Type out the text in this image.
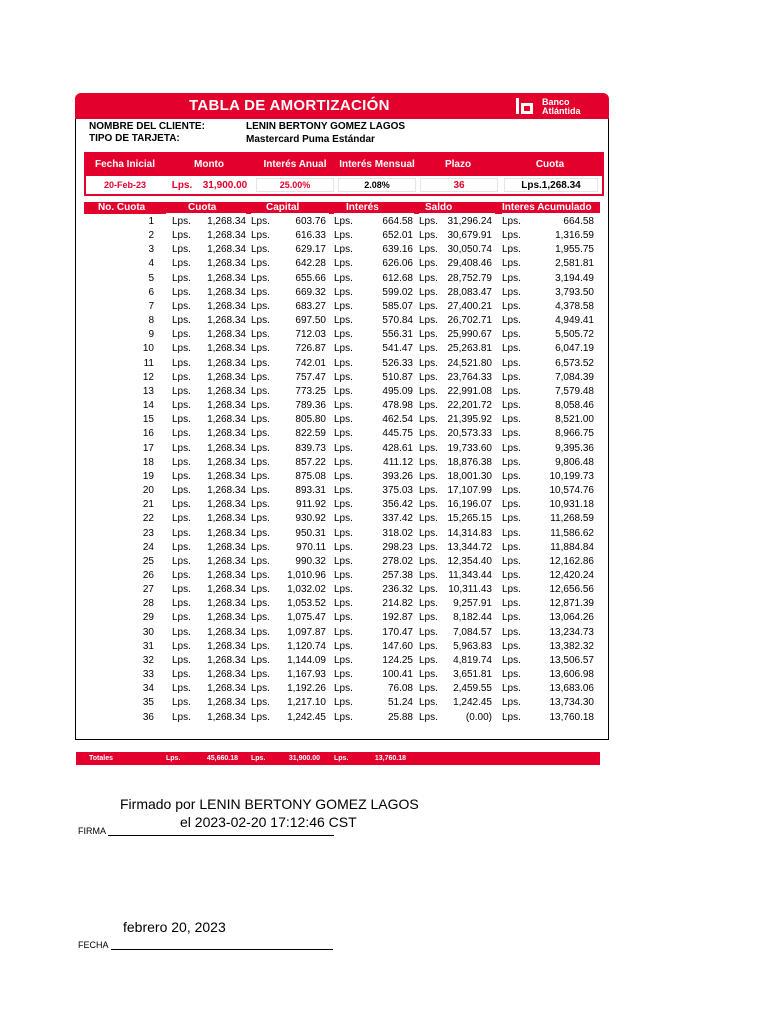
TABLA DE AMORTIZACIÓN	Banco
Atlántida
NOMBRE DEL CLIENTE:	LENIN BERTONY GOMEZ LAGOS
TIPO DE TARJETA:	Mastercard Puma Estándar
Fecha Inicial	Monto	Interés Anual	Interés Mensual	Plazo	Cuota
20-Feb-23	Lps.	31,900.00	25.00%	2.08%	36	Lps.1,268.34
No. Cuota	Cuota	Capital	Interés	Saldo	Interes Acumulado
1 Lps.	1,268.34 Lps.	603.76 Lps.	664.58 Lps. 31,296.24 Lps.	664.58
2 Lps.	1,268.34 Lps.	616.33 Lps.	652.01 Lps. 30,679.91 Lps.	1,316.59
3 Lps.	1,268.34 Lps.	629.17 Lps.	639.16 Lps. 30,050.74 Lps.	1,955.75
4 Lps.	1,268.34 Lps.	642.28 Lps.	626.06 Lps. 29,408.46 Lps.	2,581.81
5 Lps.	1,268.34 Lps.	655.66 Lps.	612.68 Lps. 28,752.79 Lps.	3,194.49
6 Lps.	1,268.34 Lps.	669.32 Lps.	599.02 Lps. 28,083.47 Lps.	3,793.50
7 Lps.	1,268.34 Lps.	683.27 Lps.	585.07 Lps. 27,400.21 Lps.	4,378.58
8 Lps.	1,268.34 Lps.	697.50 Lps.	570.84 Lps. 26,702.71 Lps.	4,949.41
9 Lps.	1,268.34 Lps.	712.03 Lps.	556.31 Lps. 25,990.67 Lps.	5,505.72
10 Lps.	1,268.34 Lps.	726.87 Lps.	541.47 Lps. 25,263.81 Lps.	6,047.19
11 Lps.	1,268.34 Lps.	742.01 Lps.	526.33 Lps. 24,521.80 Lps.	6,573.52
12 Lps.	1,268.34 Lps.	757.47 Lps.	510.87 Lps. 23,764.33 Lps.	7,084.39
13 Lps.	1,268.34 Lps.	773.25 Lps.	495.09 Lps. 22,991.08 Lps.	7,579.48
14 Lps.	1,268.34 Lps.	789.36 Lps.	478.98 Lps. 22,201.72 Lps.	8,058.46
15 Lps.	1,268.34 Lps.	805.80 Lps.	462.54 Lps. 21,395.92 Lps.	8,521.00
16 Lps.	1,268.34 Lps.	822.59 Lps.	445.75 Lps. 20,573.33 Lps.	8,966.75
17 Lps.	1,268.34 Lps.	839.73 Lps.	428.61 Lps. 19,733.60 Lps.	9,395.36
18 Lps.	1,268.34 Lps.	857.22 Lps.	411.12 Lps. 18,876.38 Lps.	9,806.48
19 Lps.	1,268.34 Lps.	875.08 Lps.	393.26 Lps. 18,001.30 Lps.	10,199.73
20 Lps.	1,268.34 Lps.	893.31 Lps.	375.03 Lps. 17,107.99 Lps.	10,574.76
21 Lps.	1,268.34 Lps.	911.92 Lps.	356.42 Lps. 16,196.07 Lps.	10,931.18
22 Lps.	1,268.34 Lps.	930.92 Lps.	337.42 Lps. 15,265.15 Lps.	11,268.59
23 Lps.	1,268.34 Lps.	950.31 Lps.	318.02 Lps. 14,314.83 Lps.	11,586.62
24 Lps.	1,268.34 Lps.	970.11 Lps.	298.23 Lps. 13,344.72 Lps.	11,884.84
25 Lps.	1,268.34 Lps.	990.32 Lps.	278.02 Lps. 12,354.40 Lps.	12,162.86
26 Lps.	1,268.34 Lps.	1,010.96 Lps.	257.38 Lps.	11,343.44 Lps.	12,420.24
27 Lps.	1,268.34 Lps.	1,032.02 Lps.	236.32 Lps.	10,311.43 Lps.	12,656.56
28 Lps.	1,268.34 Lps.	1,053.52 Lps.	214.82 Lps.	9,257.91 Lps.	12,871.39
29 Lps.	1,268.34 Lps.	1,075.47 Lps.	192.87 Lps.	8,182.44 Lps.	13,064.26
30 Lps.	1,268.34 Lps.	1,097.87 Lps.	170.47 Lps.	7,084.57 Lps.	13,234.73
31 Lps.	1,268.34 Lps.	1,120.74 Lps.	147.60 Lps.	5,963.83 Lps.	13,382.32
32 Lps.	1,268.34 Lps.	1,144.09 Lps.	124.25 Lps.	4,819.74 Lps.	13,506.57
33 Lps.	1,268.34 Lps.	1,167.93 Lps.	100.41 Lps.	3,651.81 Lps.	13,606.98
34 Lps.	1,268.34 Lps.	1,192.26 Lps.	76.08 Lps.	2,459.55 Lps.	13,683.06
35 Lps.	1,268.34 Lps.	1,217.10 Lps.	51.24 Lps.	1,242.45 Lps.	13,734.30
36 Lps.	1,268.34 Lps.	1,242.45 Lps.	25.88 Lps.	(0.00) Lps.	13,760.18
Totales	Lps.	45,660.18 Lps.	31,900.00 Lps.	13,760.18
Firmado por LENIN BERTONY GOMEZ LAGOS
el 2023-02-20 17:12:46 CST
FIRMA
febrero 20, 2023
FECHA
